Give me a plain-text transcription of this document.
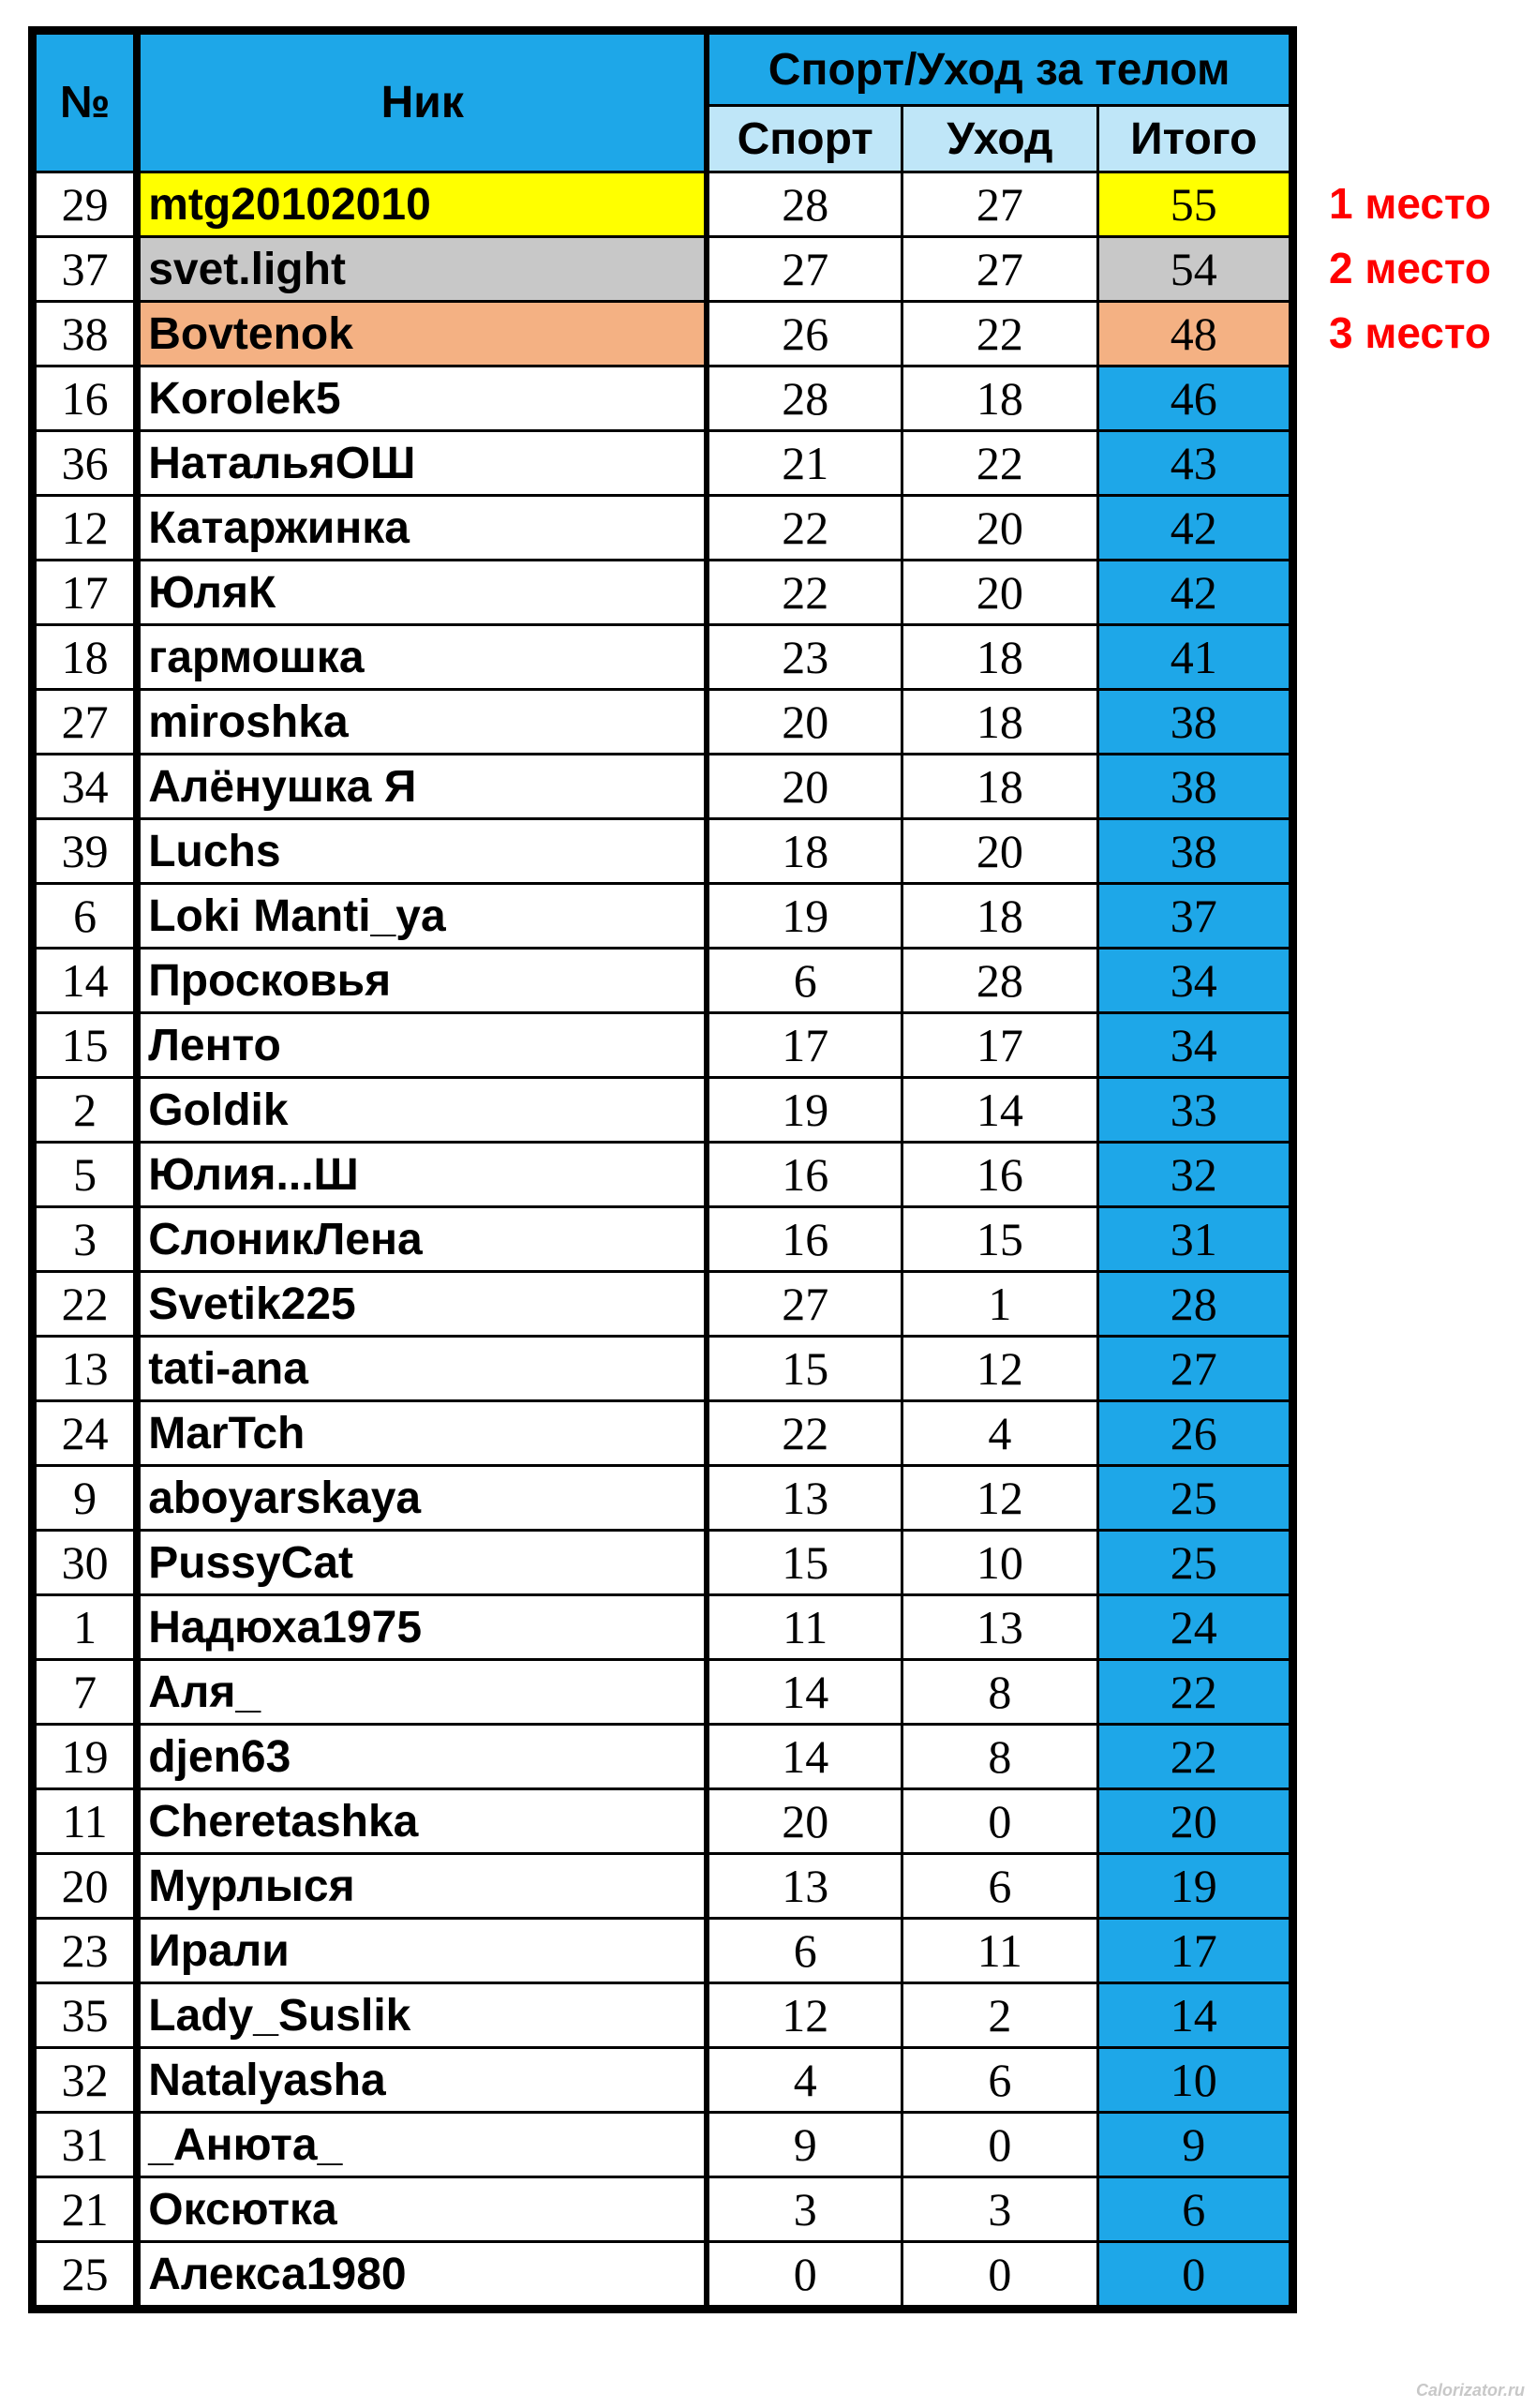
№	Ник	Спорт/Уход за телом		
		Спорт	Уход	Итого
29	mtg20102010	28	27	55
37	svet.light	27	27	54
38	Bovtenok	26	22	48
16	Korolek5	28	18	46
36	НатальяОШ	21	22	43
12	Катаржинка	22	20	42
17	ЮляК	22	20	42
18	гармошка	23	18	41
27	miroshka	20	18	38
34	Алёнушка Я	20	18	38
39	Luchs	18	20	38
6	Loki Manti_ya	19	18	37
14	Просковья	6	28	34
15	Ленто	17	17	34
2	Goldik	19	14	33
5	Юлия...Ш	16	16	32
3	СлоникЛена	16	15	31
22	Svetik225	27	1	28
13	tati-ana	15	12	27
24	MarTch	22	4	26
9	aboyarskaya	13	12	25
30	PussyCat	15	10	25
1	Надюха1975	11	13	24
7	Аля_	14	8	22
19	djen63	14	8	22
11	Cheretashka	20	0	20
20	Мурлыся	13	6	19
23	Ирали	6	11	17
35	Lady_Suslik	12	2	14
32	Natalyasha	4	6	10
31	_Анюта_	9	0	9
21	Оксютка	3	3	6
25	Алекса1980	0	0	0
1 место
2 место
3 место
Calorizator.ru
